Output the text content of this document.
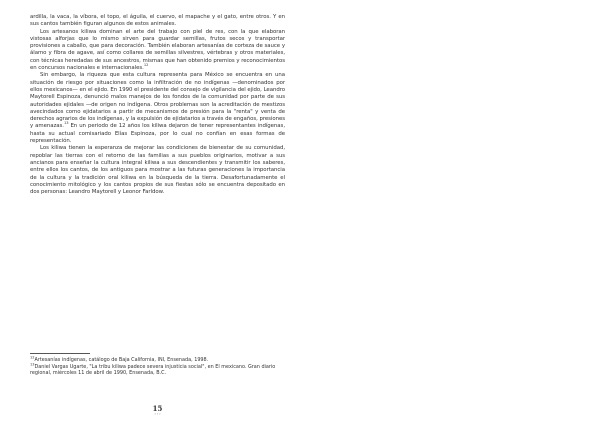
ardilla, la vaca, la víbora, el topo, el águila, el cuervo, el mapache y el gato, entre otros. Y en sus cantos también figuran algunos de estos animales.

Los artesanos kiliwa dominan el arte del trabajo con piel de res, con la que elaboran vistosas alforjas que lo mismo sirven para guardar semillas, frutos secos y transportar provisiones a caballo, que para decoración. También elaboran artesanías de corteza de sauce y álamo y fibra de agave, así como collares de semillas silvestres, vértebras y otros materiales, con técnicas heredadas de sus ancestros, mismas que han obtenido premios y reconocimientos en concursos nacionales e internacionales.$^{12}$

Sin embargo, la riqueza que esta cultura representa para México se encuentra en una situación de riesgo por situaciones como la infiltración de no indígenas —denominados por ellos mexicanos— en el ejido. En 1990 el presidente del consejo de vigilancia del ejido, Leandro Maytorell Espinoza, denunció malos manejos de los fondos de la comunidad por parte de sus autoridades ejidales —de origen no indígena. Otros problemas son la acreditación de mestizos avecindados como ejidatarios a partir de mecanismos de presión para la "renta" y venta de derechos agrarios de los indígenas, y la expulsión de ejidatarios a través de engaños, presiones y amenazas.$^{13}$ En un periodo de 12 años los kiliwa dejaron de tener representantes indígenas, hasta su actual comisariado Elías Espinoza, por lo cual no confían en esas formas de representación.

Los kiliwa tienen la esperanza de mejorar las condiciones de bienestar de su comunidad, repoblar las tierras con el retorno de las familias a sus pueblos originarios, motivar a sus ancianos para enseñar la cultura integral kiliwa a sus descendientes y transmitir los saberes, entre ellos los cantos, de los antiguos para mostrar a las futuras generaciones la importancia de la cultura y la tradición oral kiliwa en la búsqueda de la tierra. Desafortunadamente el conocimiento mitológico y los cantos propios de sus fiestas sólo se encuentra depositado en dos personas: Leandro Maytorell y Leonor Farldow.

$^{12}$Artesanías indígenas, catálogo de Baja California, INI, Ensenada, 1998.

$^{13}$Daniel Vargas Ugarte, "La tribu kiliwa padece severa injusticia social", en El mexicano. Gran diario regional, miércoles 11 de abril de 1990, Ensenada, B.C.

15
• • •
